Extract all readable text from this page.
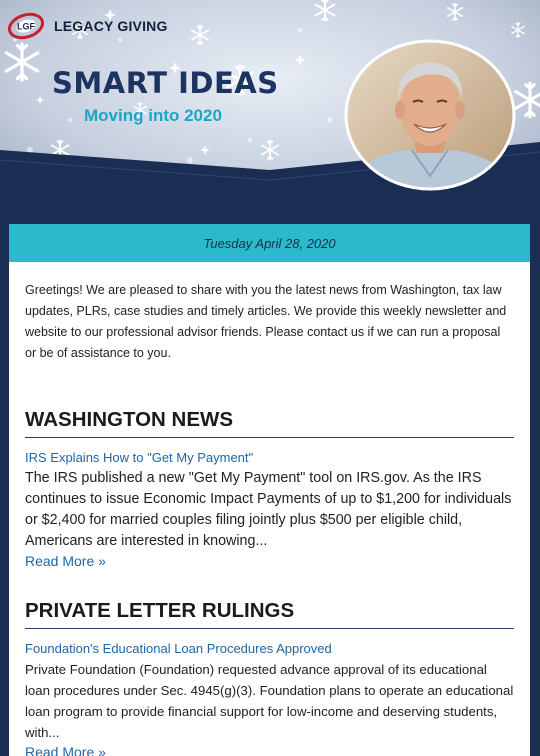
LGF LEGACY GIVING
SMART IDEAS
Moving into 2020
Tuesday April 28, 2020

Greetings! We are pleased to share with you the latest news from Washington, tax law updates, PLRs, case studies and timely articles. We provide this weekly newsletter and website to our professional advisor friends. Please contact us if we can run a proposal or be of assistance to you.

WASHINGTON NEWS
IRS Explains How to "Get My Payment"

The IRS published a new "Get My Payment" tool on IRS.gov. As the IRS continues to issue Economic Impact Payments of up to $1,200 for individuals or $2,400 for married couples filing jointly plus $500 per eligible child, Americans are interested in knowing...

Read More »
PRIVATE LETTER RULINGS
Foundation's Educational Loan Procedures Approved

Private Foundation (Foundation) requested advance approval of its educational loan procedures under Sec. 4945(g)(3). Foundation plans to operate an educational loan program to provide financial support for low-income and deserving students, with...

Read More »
